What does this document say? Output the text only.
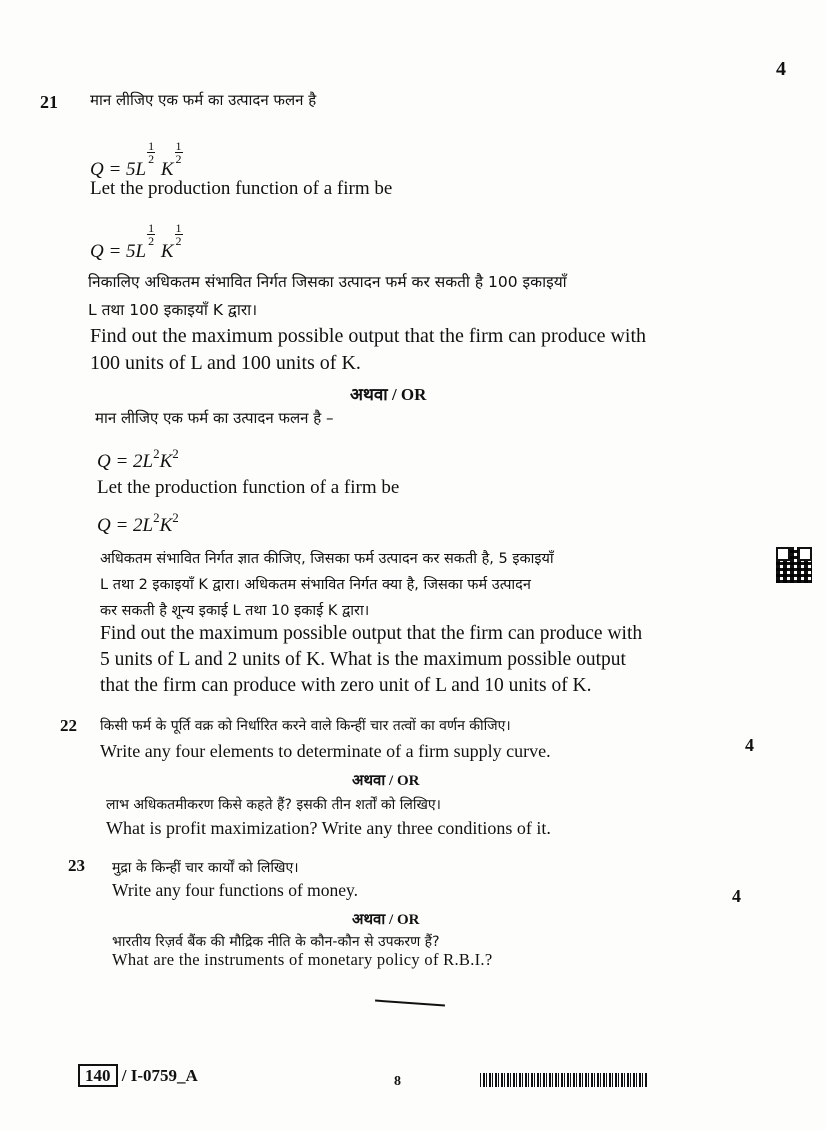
4
21 मान लीजिए एक फर्म का उत्पादन फलन है
Q = 5L
$\frac{1}{2}$
K
$\frac{1}{2}$
Let the production function of a firm be
Q = 5L
$\frac{1}{2}$
K
$\frac{1}{2}$
निकालिए अधिकतम संभावित निर्गत जिसका उत्पादन फर्म कर सकती है 100 इकाइयाँ
L तथा 100 इकाइयाँ K द्वारा।
Find out the maximum possible output that the firm can produce with
100 units of L and 100 units of K.
अथवा / OR
मान लीजिए एक फर्म का उत्पादन फलन है –
$Q = 2L^2K^2$
Let the production function of a firm be
$Q = 2L^2K^2$
अधिकतम संभावित निर्गत ज्ञात कीजिए, जिसका फर्म उत्पादन कर सकती है, 5 इकाइयाँ
L तथा 2 इकाइयाँ K द्वारा। अधिकतम संभावित निर्गत क्या है, जिसका फर्म उत्पादन
कर सकती है शून्य इकाई L तथा 10 इकाई K द्वारा।
Find out the maximum possible output that the firm can produce with
5 units of L and 2 units of K. What is the maximum possible output
that the firm can produce with zero unit of L and 10 units of K.
22 किसी फर्म के पूर्ति वक्र को निर्धारित करने वाले किन्हीं चार तत्वों का वर्णन कीजिए।
4
Write any four elements to determinate of a firm supply curve.
अथवा / OR
लाभ अधिकतमीकरण किसे कहते हैं? इसकी तीन शर्तों को लिखिए।
What is profit maximization? Write any three conditions of it.
23 मुद्रा के किन्हीं चार कार्यों को लिखिए।
Write any four functions of money.	4
अथवा / OR
भारतीय रिज़र्व बैंक की मौद्रिक नीति के कौन-कौन से उपकरण हैं?
What are the instruments of monetary policy of R.B.I.?
140 / I-0759_A	8
